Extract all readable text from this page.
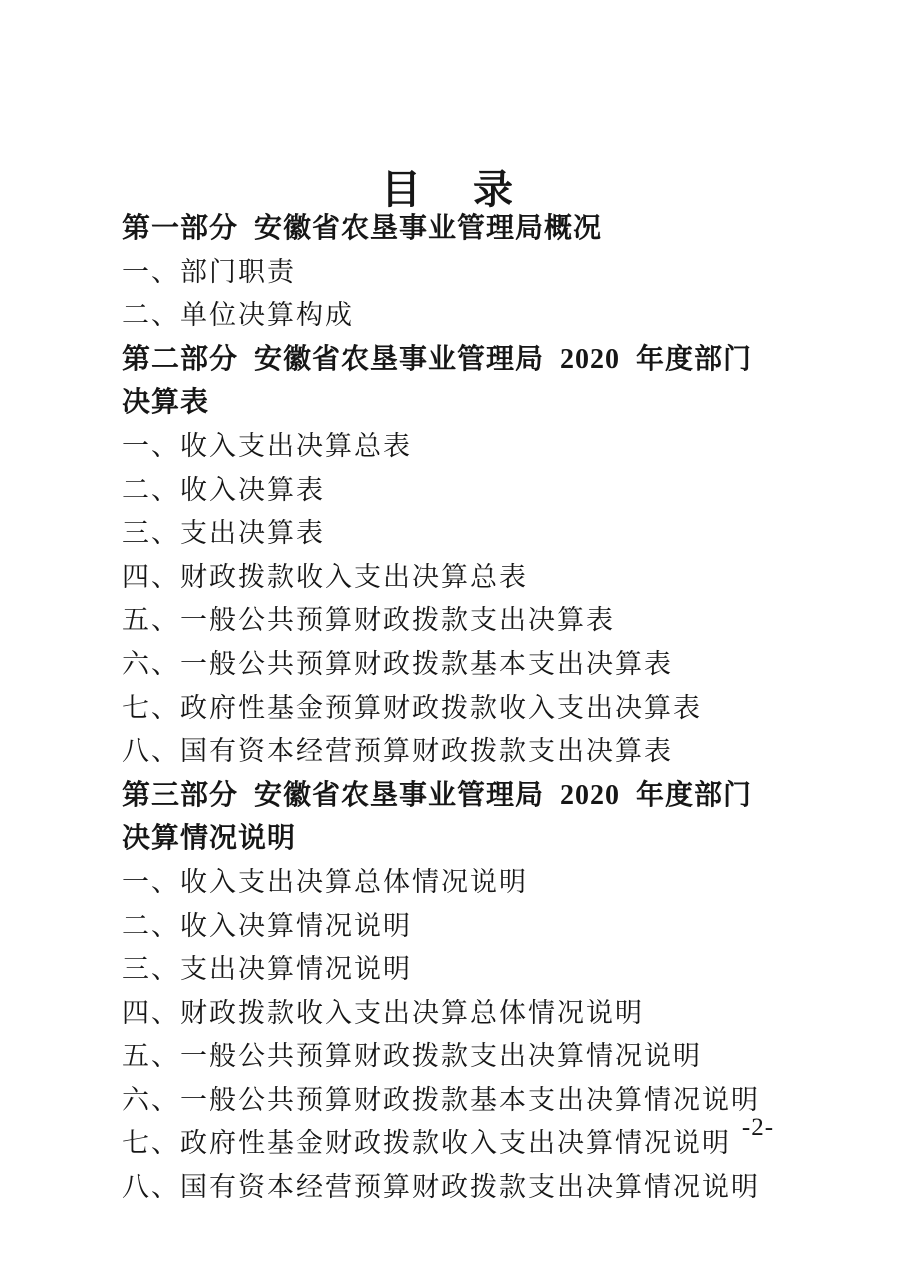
目　录
第一部分 安徽省农垦事业管理局概况
一、部门职责
二、单位决算构成
第二部分 安徽省农垦事业管理局 2020 年度部门决算表
一、收入支出决算总表
二、收入决算表
三、支出决算表
四、财政拨款收入支出决算总表
五、一般公共预算财政拨款支出决算表
六、一般公共预算财政拨款基本支出决算表
七、政府性基金预算财政拨款收入支出决算表
八、国有资本经营预算财政拨款支出决算表
第三部分 安徽省农垦事业管理局 2020 年度部门决算情况说明
一、收入支出决算总体情况说明
二、收入决算情况说明
三、支出决算情况说明
四、财政拨款收入支出决算总体情况说明
五、一般公共预算财政拨款支出决算情况说明
六、一般公共预算财政拨款基本支出决算情况说明
七、政府性基金财政拨款收入支出决算情况说明
八、国有资本经营预算财政拨款支出决算情况说明
-2-
